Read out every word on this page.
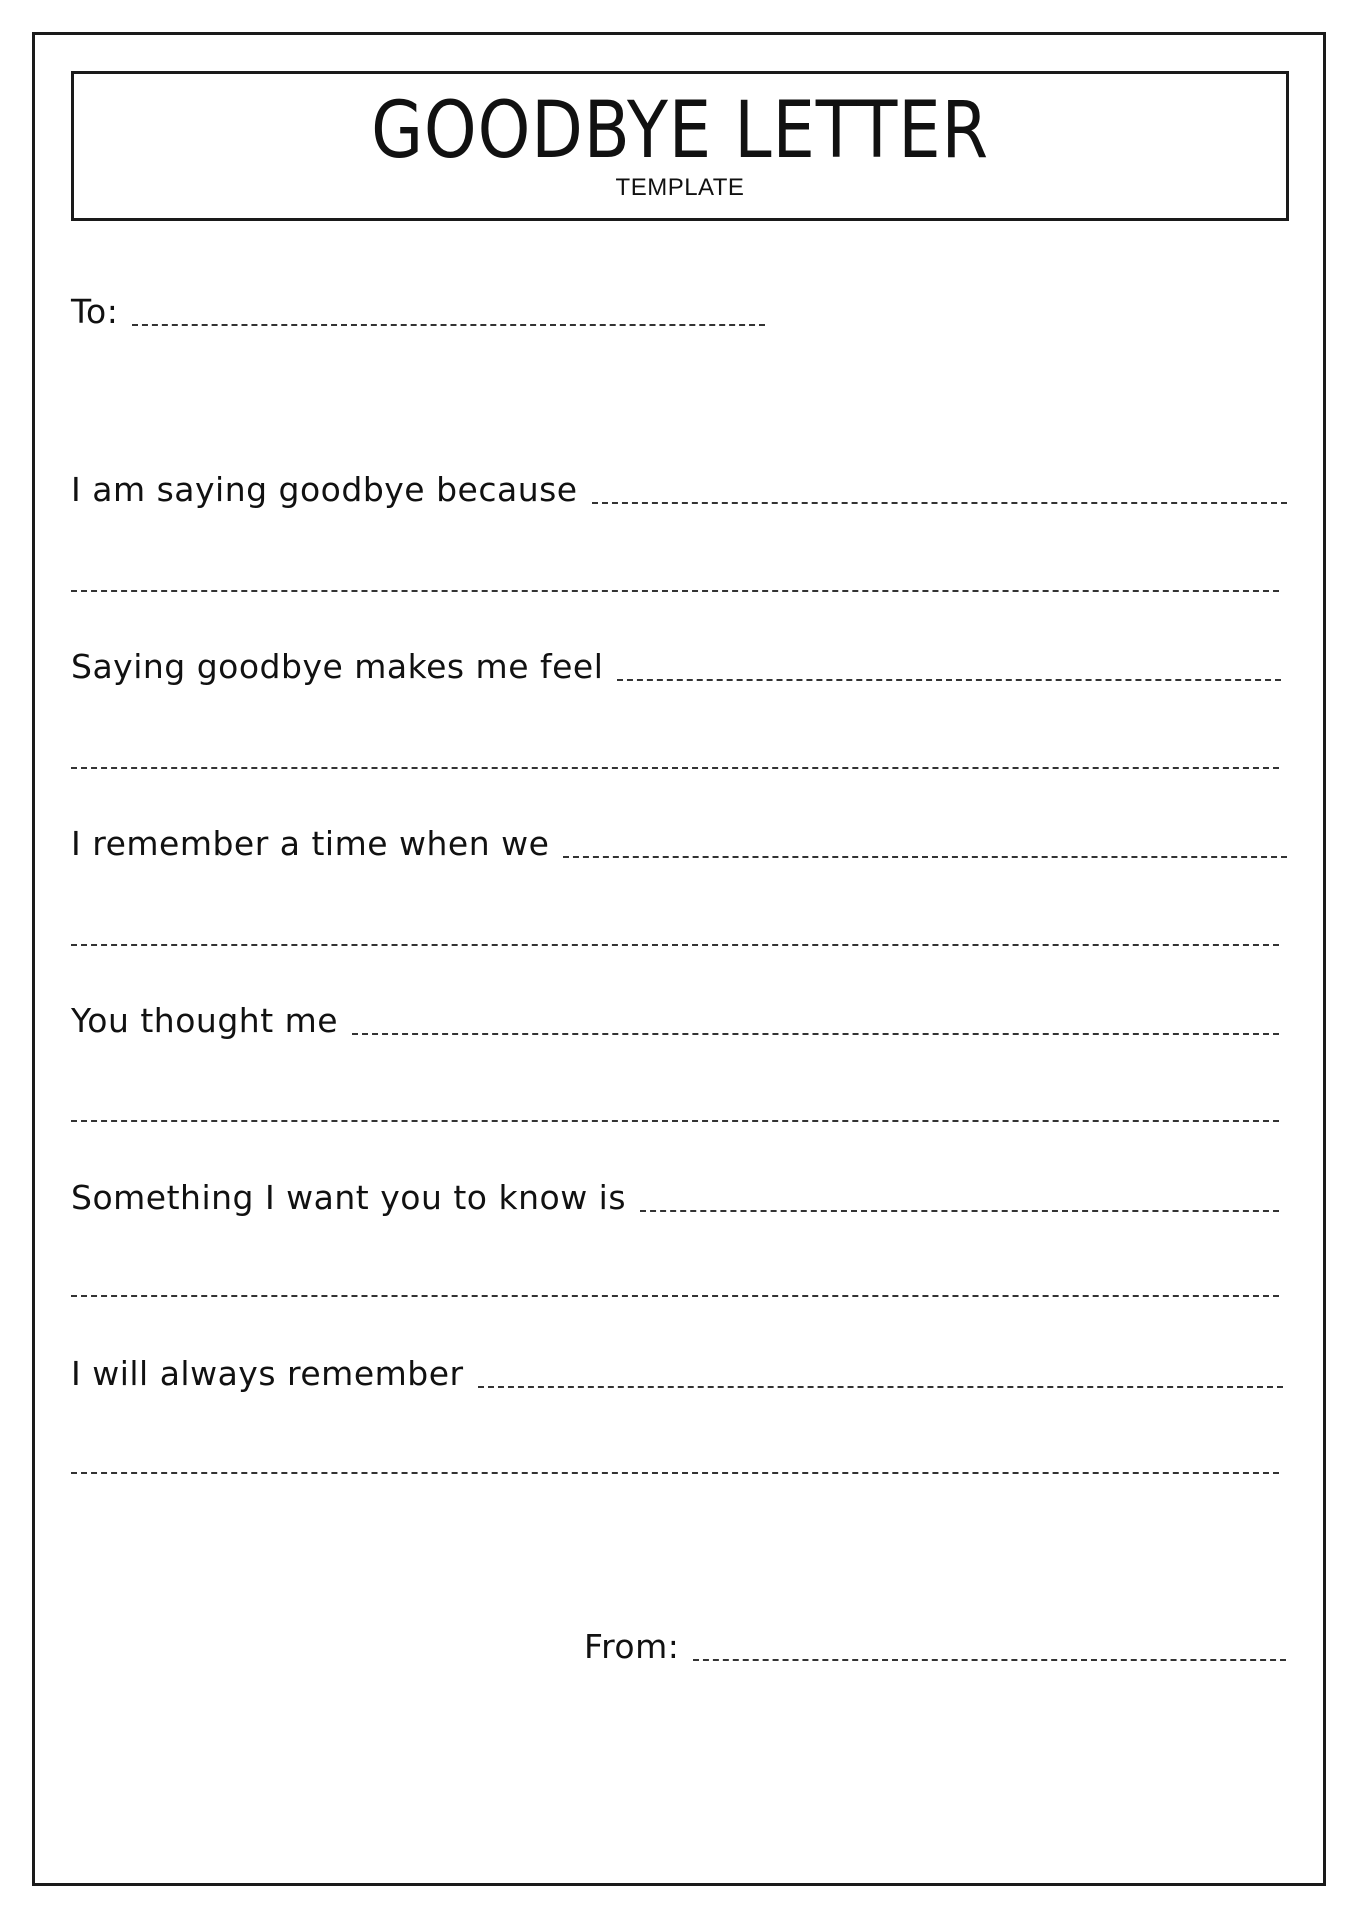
GOODBYE LETTER
TEMPLATE
To:
I am saying goodbye because
Saying goodbye makes me feel
I remember a time when we
You thought me
Something I want you to know is
I will always remember
From:
